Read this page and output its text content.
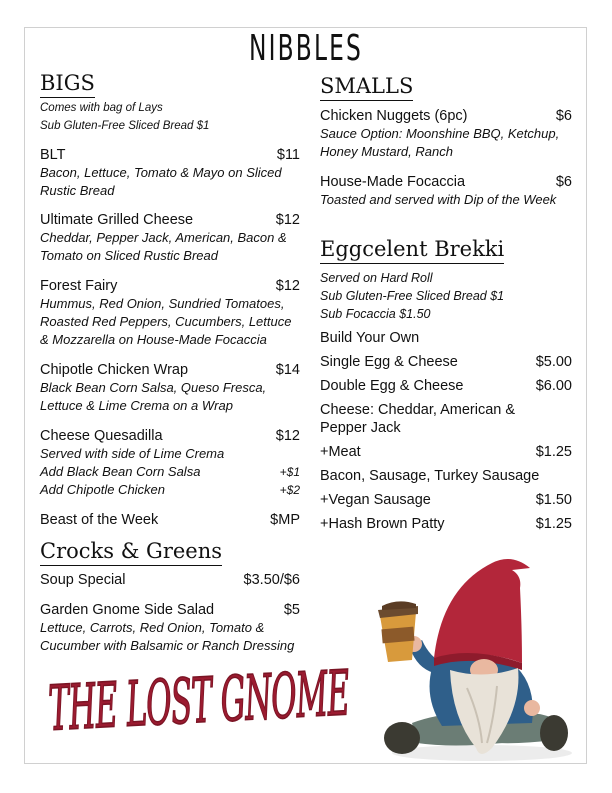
NIBBLES
BIGS
Comes with bag of Lays
Sub Gluten-Free Sliced Bread $1
BLT	$11
Bacon, Lettuce, Tomato & Mayo on Sliced Rustic Bread
Ultimate Grilled Cheese	$12
Cheddar, Pepper Jack, American, Bacon & Tomato on Sliced Rustic Bread
Forest Fairy	$12
Hummus, Red Onion, Sundried Tomatoes, Roasted Red Peppers, Cucumbers, Lettuce & Mozzarella on House-Made Focaccia
Chipotle Chicken Wrap	$14
Black Bean Corn Salsa, Queso Fresca, Lettuce & Lime Crema on a Wrap
Cheese Quesadilla	$12
Served with side of Lime Crema
Add Black Bean Corn Salsa	+$1
Add Chipotle Chicken	+$2
Beast of the Week	$MP
Crocks & Greens
Soup Special	$3.50/$6
Garden Gnome Side Salad	$5
Lettuce, Carrots, Red Onion, Tomato & Cucumber with Balsamic or Ranch Dressing
SMALLS
Chicken Nuggets (6pc)	$6
Sauce Option: Moonshine BBQ, Ketchup, Honey Mustard, Ranch
House-Made Focaccia	$6
Toasted and served with Dip of the Week
Eggcelent Brekki
Served on Hard Roll
Sub Gluten-Free Sliced Bread $1
Sub Focaccia $1.50
Build Your Own
Single Egg & Cheese	$5.00
Double Egg & Cheese	$6.00
Cheese: Cheddar, American & Pepper Jack
+Meat	$1.25
Bacon, Sausage, Turkey Sausage
+Vegan Sausage	$1.50
+Hash Brown Patty	$1.25
THE LOST GNOME
